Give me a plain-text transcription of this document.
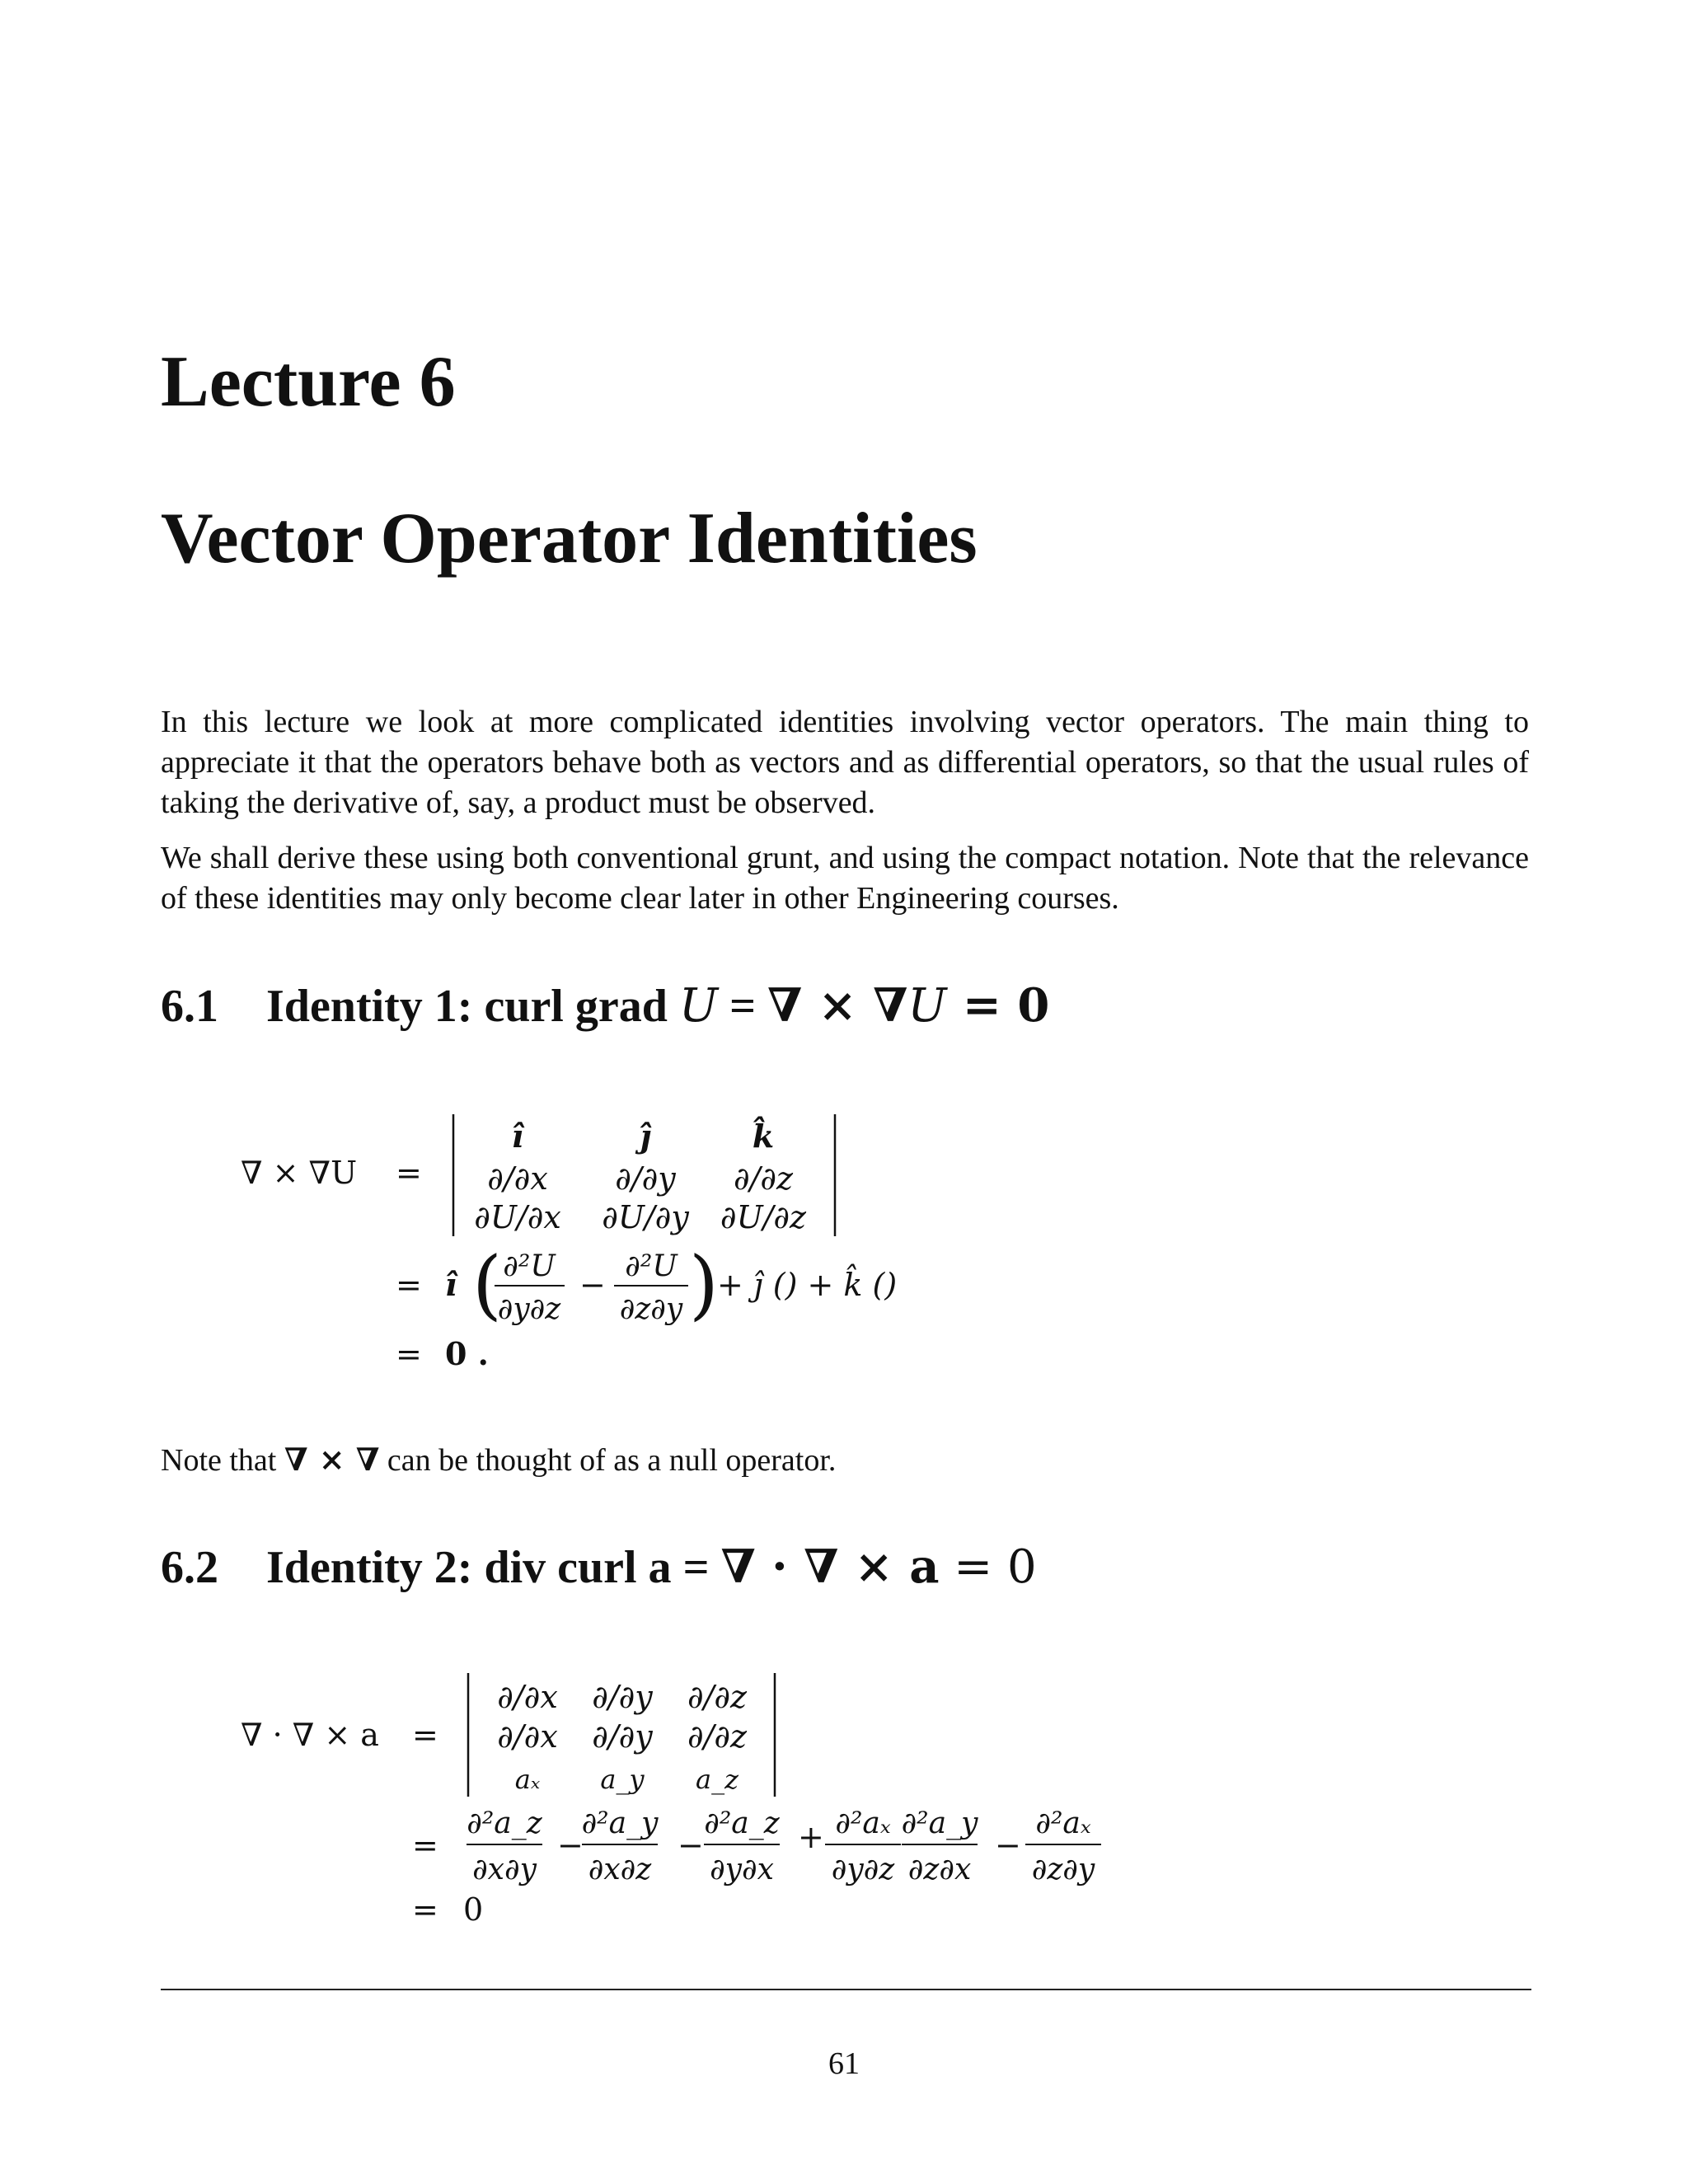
Lecture 6
Vector Operator Identities

In this lecture we look at more complicated identities involving vector operators. The main thing to appreciate it that the operators behave both as vectors and as differential operators, so that the usual rules of taking the derivative of, say, a product must be observed.

We shall derive these using both conventional grunt, and using the compact notation. Note that the relevance of these identities may only become clear later in other Engineering courses.

6.1 Identity 1: curl grad U = ∇ × ∇U = 0
∇ × ∇U =
î	ĵ	k̂
∂/∂x ∂/∂y ∂/∂z
∂U/∂x ∂U/∂y ∂U/∂z
= î ( ∂²U
∂y∂z
−
∂²U
∂z∂y )
+ ĵ () + k̂ ()
= 0 .

Note that ∇ × ∇ can be thought of as a null operator.

6.2 Identity 2: div curl a = ∇ · ∇ × a = 0
∇ · ∇ × a =
∂/∂x ∂/∂y ∂/∂z
∂/∂x ∂/∂y ∂/∂z
aₓ a_y a_z
=
∂²a_z
∂x∂y
∂²a_y
∂x∂z
∂²a_z
∂y∂x
∂²aₓ
∂y∂z
∂²a_y
∂z∂x
∂²aₓ
∂z∂y
−	−	+	−
= 0
61
